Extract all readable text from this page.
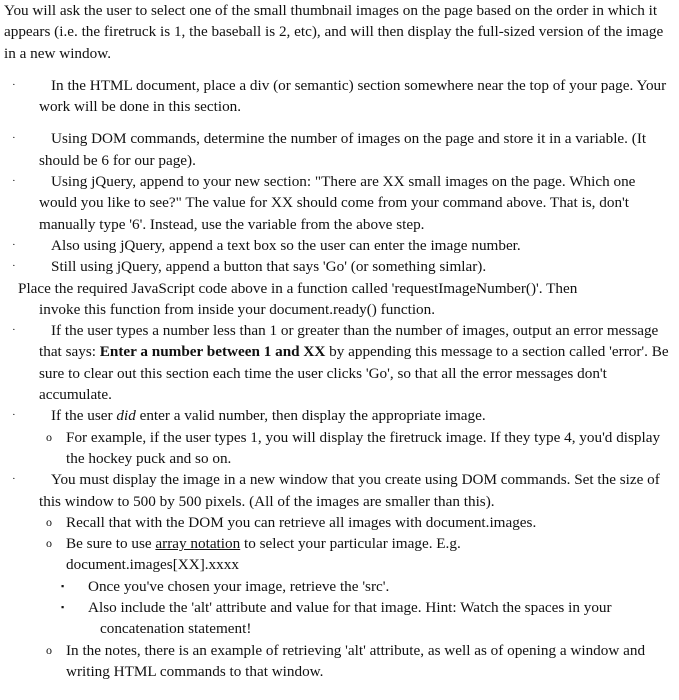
You will ask the user to select one of the small thumbnail images on the page based on the order in which it appears (i.e. the firetruck is 1, the baseball is 2, etc), and will then display the full-sized version of the image in a new window.

· In the HTML document, place a div (or semantic) section somewhere near the top of your page. Your work will be done in this section.
· Using DOM commands, determine the number of images on the page and store it in a variable. (It should be 6 for our page).
· Using jQuery, append to your new section: "There are XX small images on the page. Which one would you like to see?" The value for XX should come from your command above. That is, don't manually type '6'. Instead, use the variable from the above step.
· Also using jQuery, append a text box so the user can enter the image number.
· Still using jQuery, append a button that says 'Go' (or something simlar).
Place the required JavaScript code above in a function called 'requestImageNumber()'. Then
invoke this function from inside your document.ready() function.
· If the user types a number less than 1 or greater than the number of images, output an error message that says: Enter a number between 1 and XX by appending this message to a section called 'error'. Be sure to clear out this section each time the user clicks 'Go', so that all the error messages don't accumulate.
· If the user did enter a valid number, then display the appropriate image.
o For example, if the user types 1, you will display the firetruck image. If they type 4, you'd display the hockey puck and so on.
· You must display the image in a new window that you create using DOM commands. Set the size of this window to 500 by 500 pixels. (All of the images are smaller than this).
o Recall that with the DOM you can retrieve all images with document.images.
o Be sure to use array notation to select your particular image. E.g.
document.images[XX].xxxx
▪ Once you've chosen your image, retrieve the 'src'.
▪ Also include the 'alt' attribute and value for that image. Hint: Watch the spaces in your concatenation statement!
o In the notes, there is an example of retrieving 'alt' attribute, as well as of opening a window and writing HTML commands to that window.
